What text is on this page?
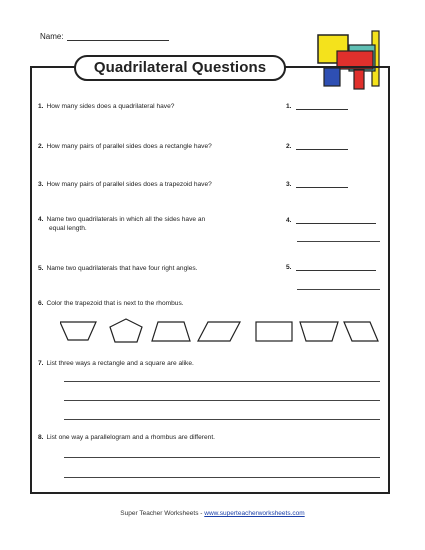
Name:
Quadrilateral Questions
1. How many sides does a quadrilateral have?	1.
2. How many pairs of parallel sides does a rectangle have?	2.
3. How many pairs of parallel sides does a trapezoid have?	3.
4. Name two quadrilaterals in which all the sides have an
equal length.
4.
5. Name two quadrilaterals that have four right angles.	5.
6. Color the trapezoid that is next to the rhombus.
7. List three ways a rectangle and a square are alike.
8. List one way a parallelogram and a rhombus are different.
Super Teacher Worksheets - www.superteacherworksheets.com
